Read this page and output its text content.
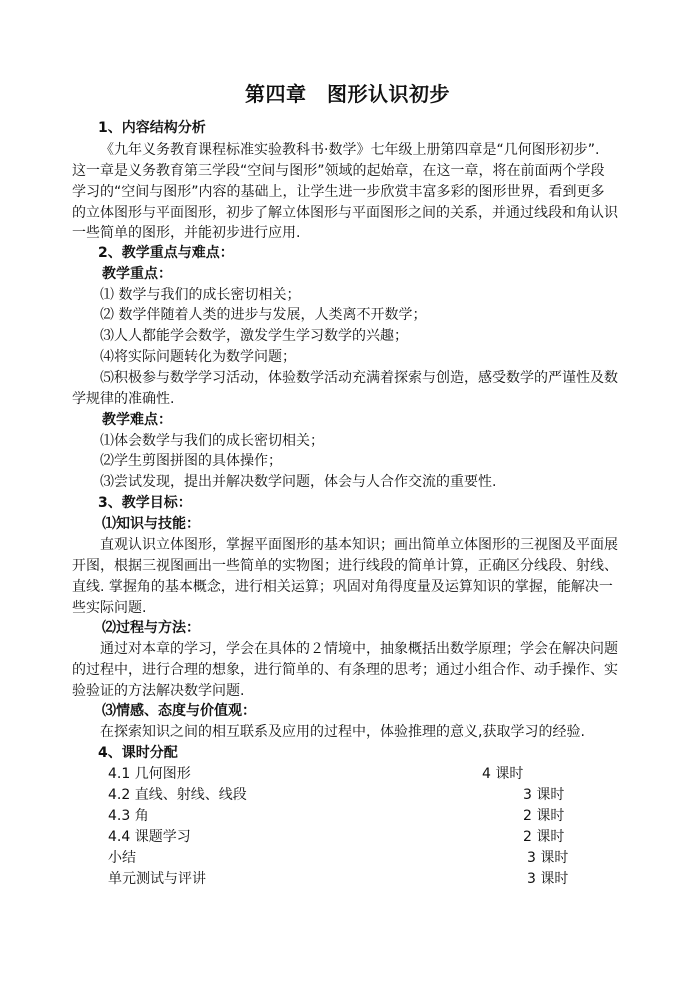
第四章　图形认识初步
1、内容结构分析
《九年义务教育课程标准实验教科书·数学》七年级上册第四章是“几何图形初步”.
这一章是义务教育第三学段“空间与图形”领域的起始章，在这一章，将在前面两个学段
学习的“空间与图形”内容的基础上，让学生进一步欣赏丰富多彩的图形世界，看到更多
的立体图形与平面图形，初步了解立体图形与平面图形之间的关系，并通过线段和角认识
一些简单的图形，并能初步进行应用.
2、教学重点与难点：
教学重点：
⑴ 数学与我们的成长密切相关；
⑵ 数学伴随着人类的进步与发展，人类离不开数学；
⑶人人都能学会数学，激发学生学习数学的兴趣；
⑷将实际问题转化为数学问题；
⑸积极参与数学学习活动，体验数学活动充满着探索与创造，感受数学的严谨性及数
学规律的准确性.
教学难点：
⑴体会数学与我们的成长密切相关；
⑵学生剪图拼图的具体操作；
⑶尝试发现，提出并解决数学问题，体会与人合作交流的重要性.
3、教学目标：
⑴知识与技能：
直观认识立体图形，掌握平面图形的基本知识；画出简单立体图形的三视图及平面展
开图，根据三视图画出一些简单的实物图；进行线段的简单计算，正确区分线段、射线、
直线. 掌握角的基本概念，进行相关运算；巩固对角得度量及运算知识的掌握，能解决一
些实际问题.
⑵过程与方法：
通过对本章的学习，学会在具体的２情境中，抽象概括出数学原理；学会在解决问题
的过程中，进行合理的想象，进行简单的、有条理的思考；通过小组合作、动手操作、实
验验证的方法解决数学问题.
⑶情感、态度与价值观：
在探索知识之间的相互联系及应用的过程中，体验推理的意义,获取学习的经验.
4、课时分配
4.1 几何图形	4 课时
4.2 直线、射线、线段	3 课时
4.3 角	2 课时
4.4 课题学习	2 课时
小结	3 课时
单元测试与评讲	3 课时
